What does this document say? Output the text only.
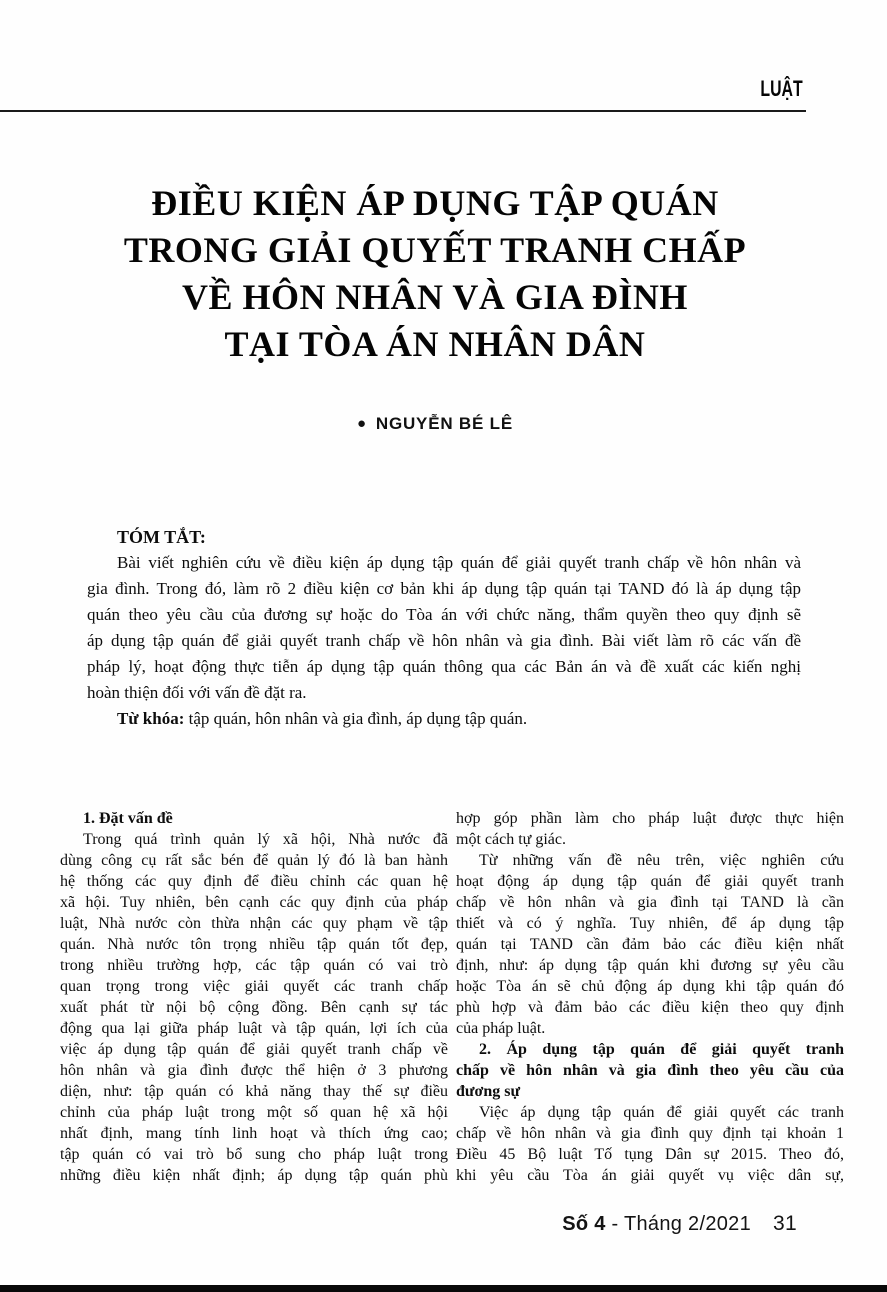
LUẬT
ĐIỀU KIỆN ÁP DỤNG TẬP QUÁN
TRONG GIẢI QUYẾT TRANH CHẤP
VỀ HÔN NHÂN VÀ GIA ĐÌNH
TẠI TÒA ÁN NHÂN DÂN
● NGUYỄN BÉ LÊ
TÓM TẮT:
Bài viết nghiên cứu về điều kiện áp dụng tập quán để giải quyết tranh chấp về hôn nhân và
gia đình. Trong đó, làm rõ 2 điều kiện cơ bản khi áp dụng tập quán tại TAND đó là áp dụng tập
quán theo yêu cầu của đương sự hoặc do Tòa án với chức năng, thẩm quyền theo quy định sẽ
áp dụng tập quán để giải quyết tranh chấp về hôn nhân và gia đình. Bài viết làm rõ các vấn đề
pháp lý, hoạt động thực tiễn áp dụng tập quán thông qua các Bản án và đề xuất các kiến nghị
hoàn thiện đối với vấn đề đặt ra.
Từ khóa: tập quán, hôn nhân và gia đình, áp dụng tập quán.
1. Đặt vấn đề
Trong quá trình quản lý xã hội, Nhà nước đã
dùng công cụ rất sắc bén để quản lý đó là ban hành
hệ thống các quy định để điều chỉnh các quan hệ
xã hội. Tuy nhiên, bên cạnh các quy định của pháp
luật, Nhà nước còn thừa nhận các quy phạm về tập
quán. Nhà nước tôn trọng nhiều tập quán tốt đẹp,
trong nhiều trường hợp, các tập quán có vai trò
quan trọng trong việc giải quyết các tranh chấp
xuất phát từ nội bộ cộng đồng. Bên cạnh sự tác
động qua lại giữa pháp luật và tập quán, lợi ích của
việc áp dụng tập quán để giải quyết tranh chấp về
hôn nhân và gia đình được thể hiện ở 3 phương
diện, như: tập quán có khả năng thay thế sự điều
chỉnh của pháp luật trong một số quan hệ xã hội
nhất định, mang tính linh hoạt và thích ứng cao;
tập quán có vai trò bổ sung cho pháp luật trong
những điều kiện nhất định; áp dụng tập quán phù
hợp góp phần làm cho pháp luật được thực hiện
một cách tự giác.
Từ những vấn đề nêu trên, việc nghiên cứu
hoạt động áp dụng tập quán để giải quyết tranh
chấp về hôn nhân và gia đình tại TAND là cần
thiết và có ý nghĩa. Tuy nhiên, để áp dụng tập
quán tại TAND cần đảm bảo các điều kiện nhất
định, như: áp dụng tập quán khi đương sự yêu cầu
hoặc Tòa án sẽ chủ động áp dụng khi tập quán đó
phù hợp và đảm bảo các điều kiện theo quy định
của pháp luật.
2. Áp dụng tập quán để giải quyết tranh
chấp về hôn nhân và gia đình theo yêu cầu của
đương sự
Việc áp dụng tập quán để giải quyết các tranh
chấp về hôn nhân và gia đình quy định tại khoản 1
Điều 45 Bộ luật Tố tụng Dân sự 2015. Theo đó,
khi yêu cầu Tòa án giải quyết vụ việc dân sự,
Số 4 - Tháng 2/2021 31
